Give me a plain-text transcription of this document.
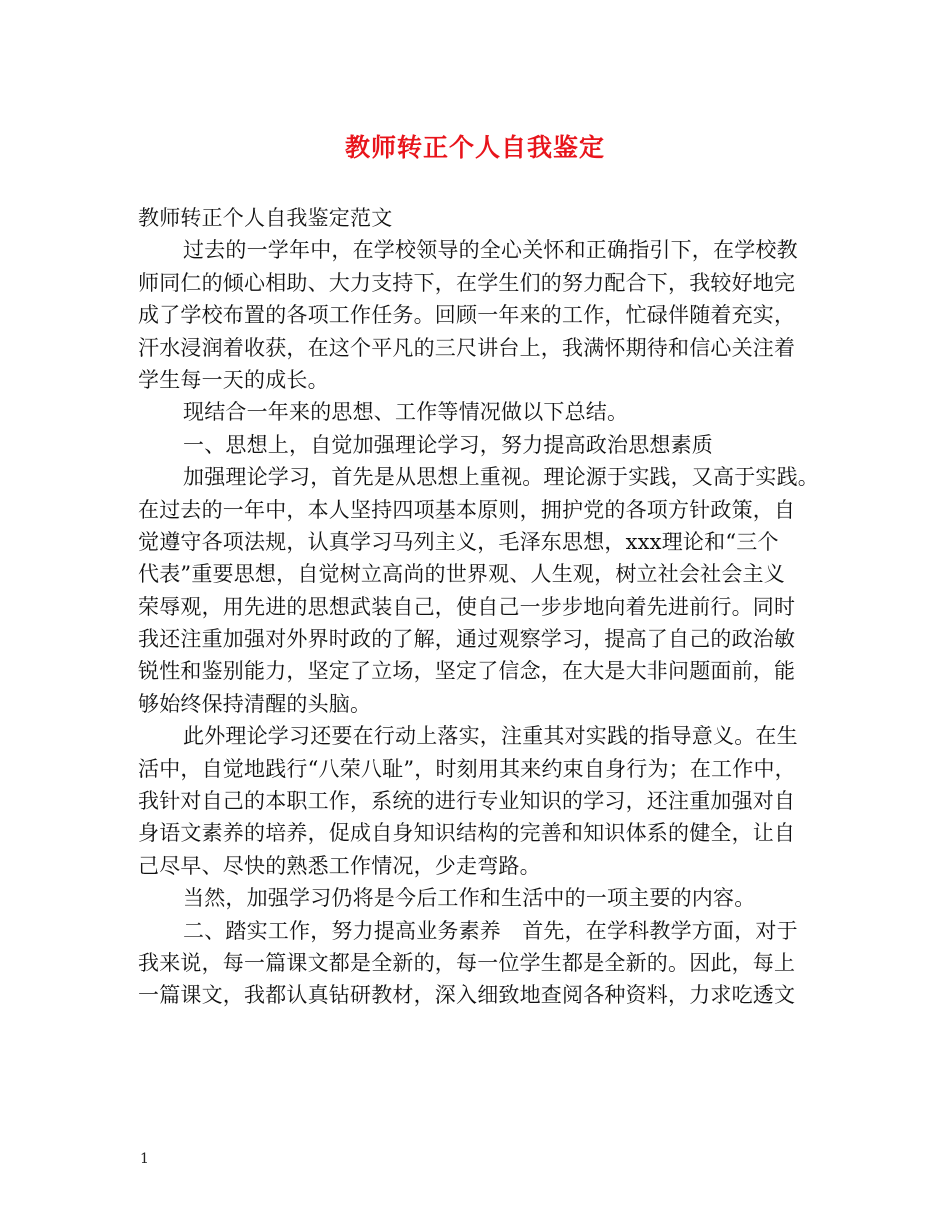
教师转正个人自我鉴定
教师转正个人自我鉴定范文
过去的一学年中，在学校领导的全心关怀和正确指引下，在学校教
师同仁的倾心相助、大力支持下，在学生们的努力配合下，我较好地完
成了学校布置的各项工作任务。回顾一年来的工作，忙碌伴随着充实，
汗水浸润着收获，在这个平凡的三尺讲台上，我满怀期待和信心关注着
学生每一天的成长。
现结合一年来的思想、工作等情况做以下总结。
一、思想上，自觉加强理论学习，努力提高政治思想素质
加强理论学习，首先是从思想上重视。理论源于实践，又高于实践。
在过去的一年中，本人坚持四项基本原则，拥护党的各项方针政策，自
觉遵守各项法规，认真学习马列主义，毛泽东思想，xxx理论和“三个
代表”重要思想，自觉树立高尚的世界观、人生观，树立社会社会主义
荣辱观，用先进的思想武装自己，使自己一步步地向着先进前行。同时
我还注重加强对外界时政的了解，通过观察学习，提高了自己的政治敏
锐性和鉴别能力，坚定了立场，坚定了信念，在大是大非问题面前，能
够始终保持清醒的头脑。
此外理论学习还要在行动上落实，注重其对实践的指导意义。在生
活中，自觉地践行“八荣八耻”，时刻用其来约束自身行为；在工作中，
我针对自己的本职工作，系统的进行专业知识的学习，还注重加强对自
身语文素养的培养，促成自身知识结构的完善和知识体系的健全，让自
己尽早、尽快的熟悉工作情况，少走弯路。
当然，加强学习仍将是今后工作和生活中的一项主要的内容。
二、踏实工作，努力提高业务素养　首先，在学科教学方面，对于
我来说，每一篇课文都是全新的，每一位学生都是全新的。因此，每上
一篇课文，我都认真钻研教材，深入细致地查阅各种资料，力求吃透文
1
